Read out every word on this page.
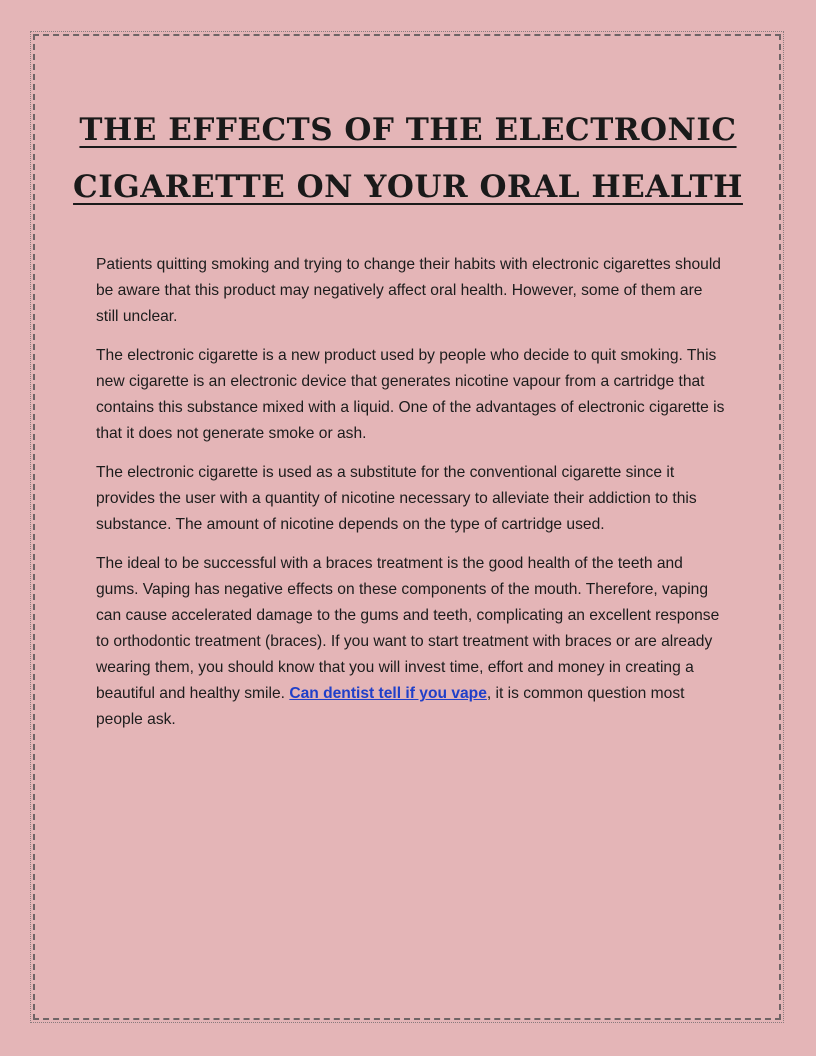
THE EFFECTS OF THE ELECTRONIC
CIGARETTE ON YOUR ORAL HEALTH

Patients quitting smoking and trying to change their habits with electronic cigarettes should be aware that this product may negatively affect oral health. However, some of them are still unclear.

The electronic cigarette is a new product used by people who decide to quit smoking. This new cigarette is an electronic device that generates nicotine vapour from a cartridge that contains this substance mixed with a liquid. One of the advantages of electronic cigarette is that it does not generate smoke or ash.

The electronic cigarette is used as a substitute for the conventional cigarette since it provides the user with a quantity of nicotine necessary to alleviate their addiction to this substance. The amount of nicotine depends on the type of cartridge used.

The ideal to be successful with a braces treatment is the good health of the teeth and gums. Vaping has negative effects on these components of the mouth. Therefore, vaping can cause accelerated damage to the gums and teeth, complicating an excellent response to orthodontic treatment (braces). If you want to start treatment with braces or are already wearing them, you should know that you will invest time, effort and money in creating a beautiful and healthy smile. Can dentist tell if you vape, it is common question most people ask.
